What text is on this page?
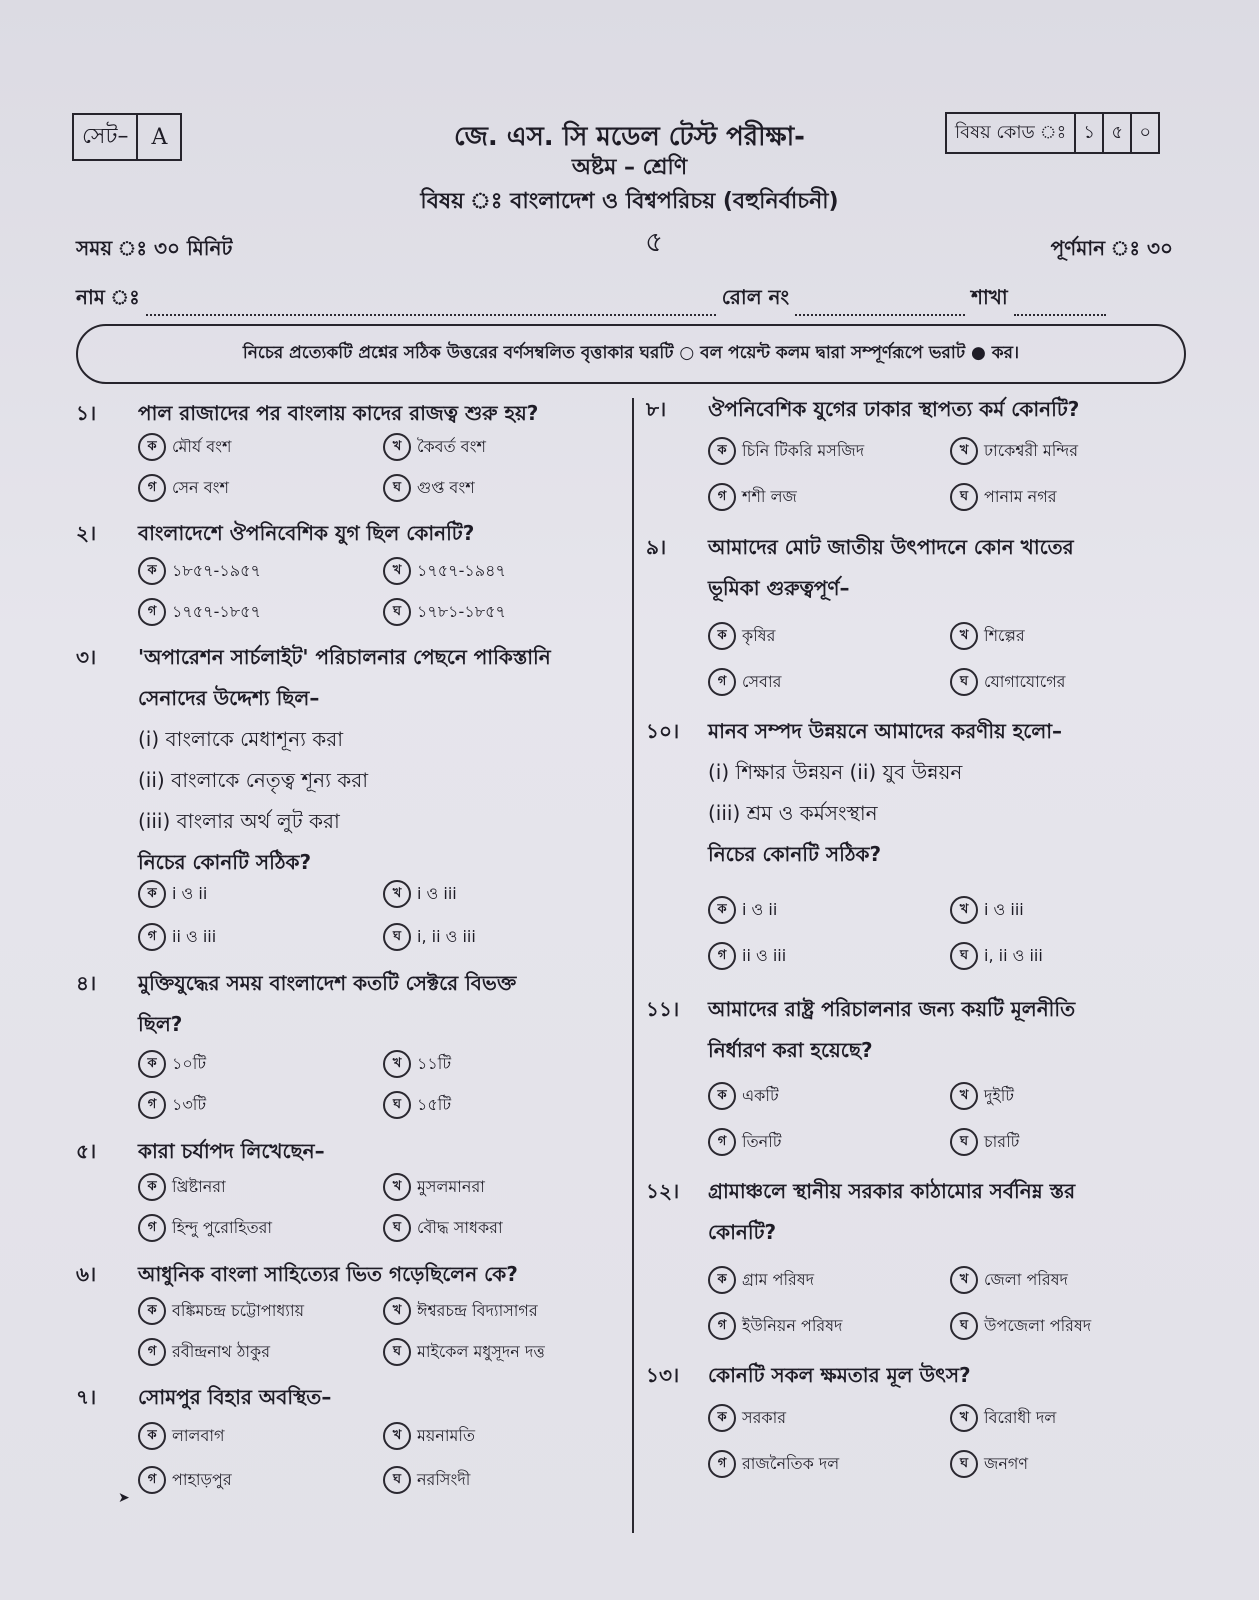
সেট–	A	জে. এস. সি মডেল টেস্ট পরীক্ষা-
অষ্টম – শ্রেণি
বিষয় ঃ বাংলাদেশ ও বিশ্বপরিচয় (বহুনির্বাচনী)
বিষয় কোড ঃ ১ ৫ ০
সময় ঃ ৩০ মিনিট	৫	পূর্ণমান ঃ ৩০
নাম ঃ	রোল নং	শাখা
নিচের প্রত্যেকটি প্রশ্নের সঠিক উত্তরের বর্ণসম্বলিত বৃত্তাকার ঘরটি ○ বল পয়েন্ট কলম দ্বারা সম্পূর্ণরূপে ভরাট ● কর।
১।	পাল রাজাদের পর বাংলায় কাদের রাজত্ব শুরু হয়?
ক মৌর্য বংশ	খ কৈবর্ত বংশ
গ সেন বংশ	ঘ গুপ্ত বংশ
২।	বাংলাদেশে ঔপনিবেশিক যুগ ছিল কোনটি?
ক ১৮৫৭-১৯৫৭	খ ১৭৫৭-১৯৪৭
গ ১৭৫৭-১৮৫৭	ঘ ১৭৮১-১৮৫৭
৩।	'অপারেশন সার্চলাইট' পরিচালনার পেছনে পাকিস্তানি
সেনাদের উদ্দেশ্য ছিল–
(i) বাংলাকে মেধাশূন্য করা
(ii) বাংলাকে নেতৃত্ব শূন্য করা
(iii) বাংলার অর্থ লুট করা
নিচের কোনটি সঠিক?
ক i ও ii	খ i ও iii
গ ii ও iii	ঘ i, ii ও iii
৪।	মুক্তিযুদ্ধের সময় বাংলাদেশ কতটি সেক্টরে বিভক্ত
ছিল?
ক ১০টি	খ ১১টি
গ ১৩টি	ঘ ১৫টি
৫।	কারা চর্যাপদ লিখেছেন–
ক খ্রিষ্টানরা	খ মুসলমানরা
গ হিন্দু পুরোহিতরা	ঘ বৌদ্ধ সাধকরা
৬।	আধুনিক বাংলা সাহিত্যের ভিত গড়েছিলেন কে?
ক বঙ্কিমচন্দ্র চট্টোপাধ্যায়	খ ঈশ্বরচন্দ্র বিদ্যাসাগর
গ রবীন্দ্রনাথ ঠাকুর	ঘ মাইকেল মধুসূদন দত্ত
৭।	সোমপুর বিহার অবস্থিত–
ক লালবাগ	খ ময়নামতি
গ পাহাড়পুর	ঘ নরসিংদী
৮।	ঔপনিবেশিক যুগের ঢাকার স্থাপত্য কর্ম কোনটি?
ক চিনি টিকরি মসজিদ	খ ঢাকেশ্বরী মন্দির
গ শশী লজ	ঘ পানাম নগর
৯।	আমাদের মোট জাতীয় উৎপাদনে কোন খাতের
ভূমিকা গুরুত্বপূর্ণ–
ক কৃষির	খ শিল্পের
গ সেবার	ঘ যোগাযোগের
১০।	মানব সম্পদ উন্নয়নে আমাদের করণীয় হলো–
(i) শিক্ষার উন্নয়ন (ii) যুব উন্নয়ন
(iii) শ্রম ও কর্মসংস্থান
নিচের কোনটি সঠিক?
ক i ও ii	খ i ও iii
গ ii ও iii	ঘ i, ii ও iii
১১।	আমাদের রাষ্ট্র পরিচালনার জন্য কয়টি মূলনীতি
নির্ধারণ করা হয়েছে?
ক একটি	খ দুইটি
গ তিনটি	ঘ চারটি
১২।	গ্রামাঞ্চলে স্থানীয় সরকার কাঠামোর সর্বনিম্ন স্তর
কোনটি?
ক গ্রাম পরিষদ	খ জেলা পরিষদ
গ ইউনিয়ন পরিষদ	ঘ উপজেলা পরিষদ
১৩।	কোনটি সকল ক্ষমতার মূল উৎস?
ক সরকার	খ বিরোধী দল
গ রাজনৈতিক দল	ঘ জনগণ
➤
